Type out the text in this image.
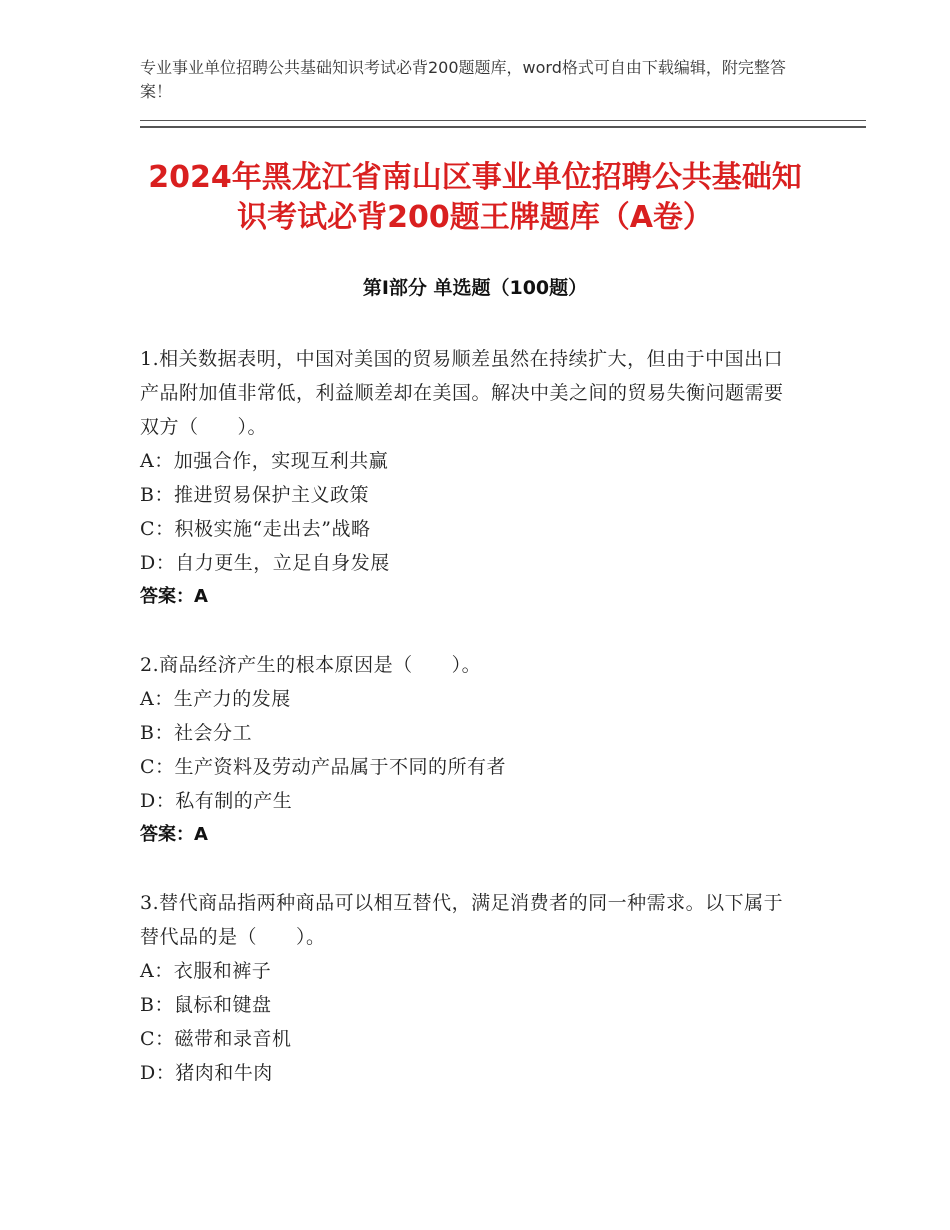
专业事业单位招聘公共基础知识考试必背200题题库，word格式可自由下载编辑，附完整答案！
2024年黑龙江省南山区事业单位招聘公共基础知识考试必背200题王牌题库（A卷）
第Ⅰ部分 单选题（100题）

1.相关数据表明，中国对美国的贸易顺差虽然在持续扩大，但由于中国出口产品附加值非常低，利益顺差却在美国。解决中美之间的贸易失衡问题需要双方（　　）。

A：加强合作，实现互利共赢

B：推进贸易保护主义政策

C：积极实施“走出去”战略

D：自力更生，立足自身发展

答案：A

2.商品经济产生的根本原因是（　　）。

A：生产力的发展

B：社会分工

C：生产资料及劳动产品属于不同的所有者

D：私有制的产生

答案：A

3.替代商品指两种商品可以相互替代，满足消费者的同一种需求。以下属于替代品的是（　　）。

A：衣服和裤子

B：鼠标和键盘

C：磁带和录音机

D：猪肉和牛肉
